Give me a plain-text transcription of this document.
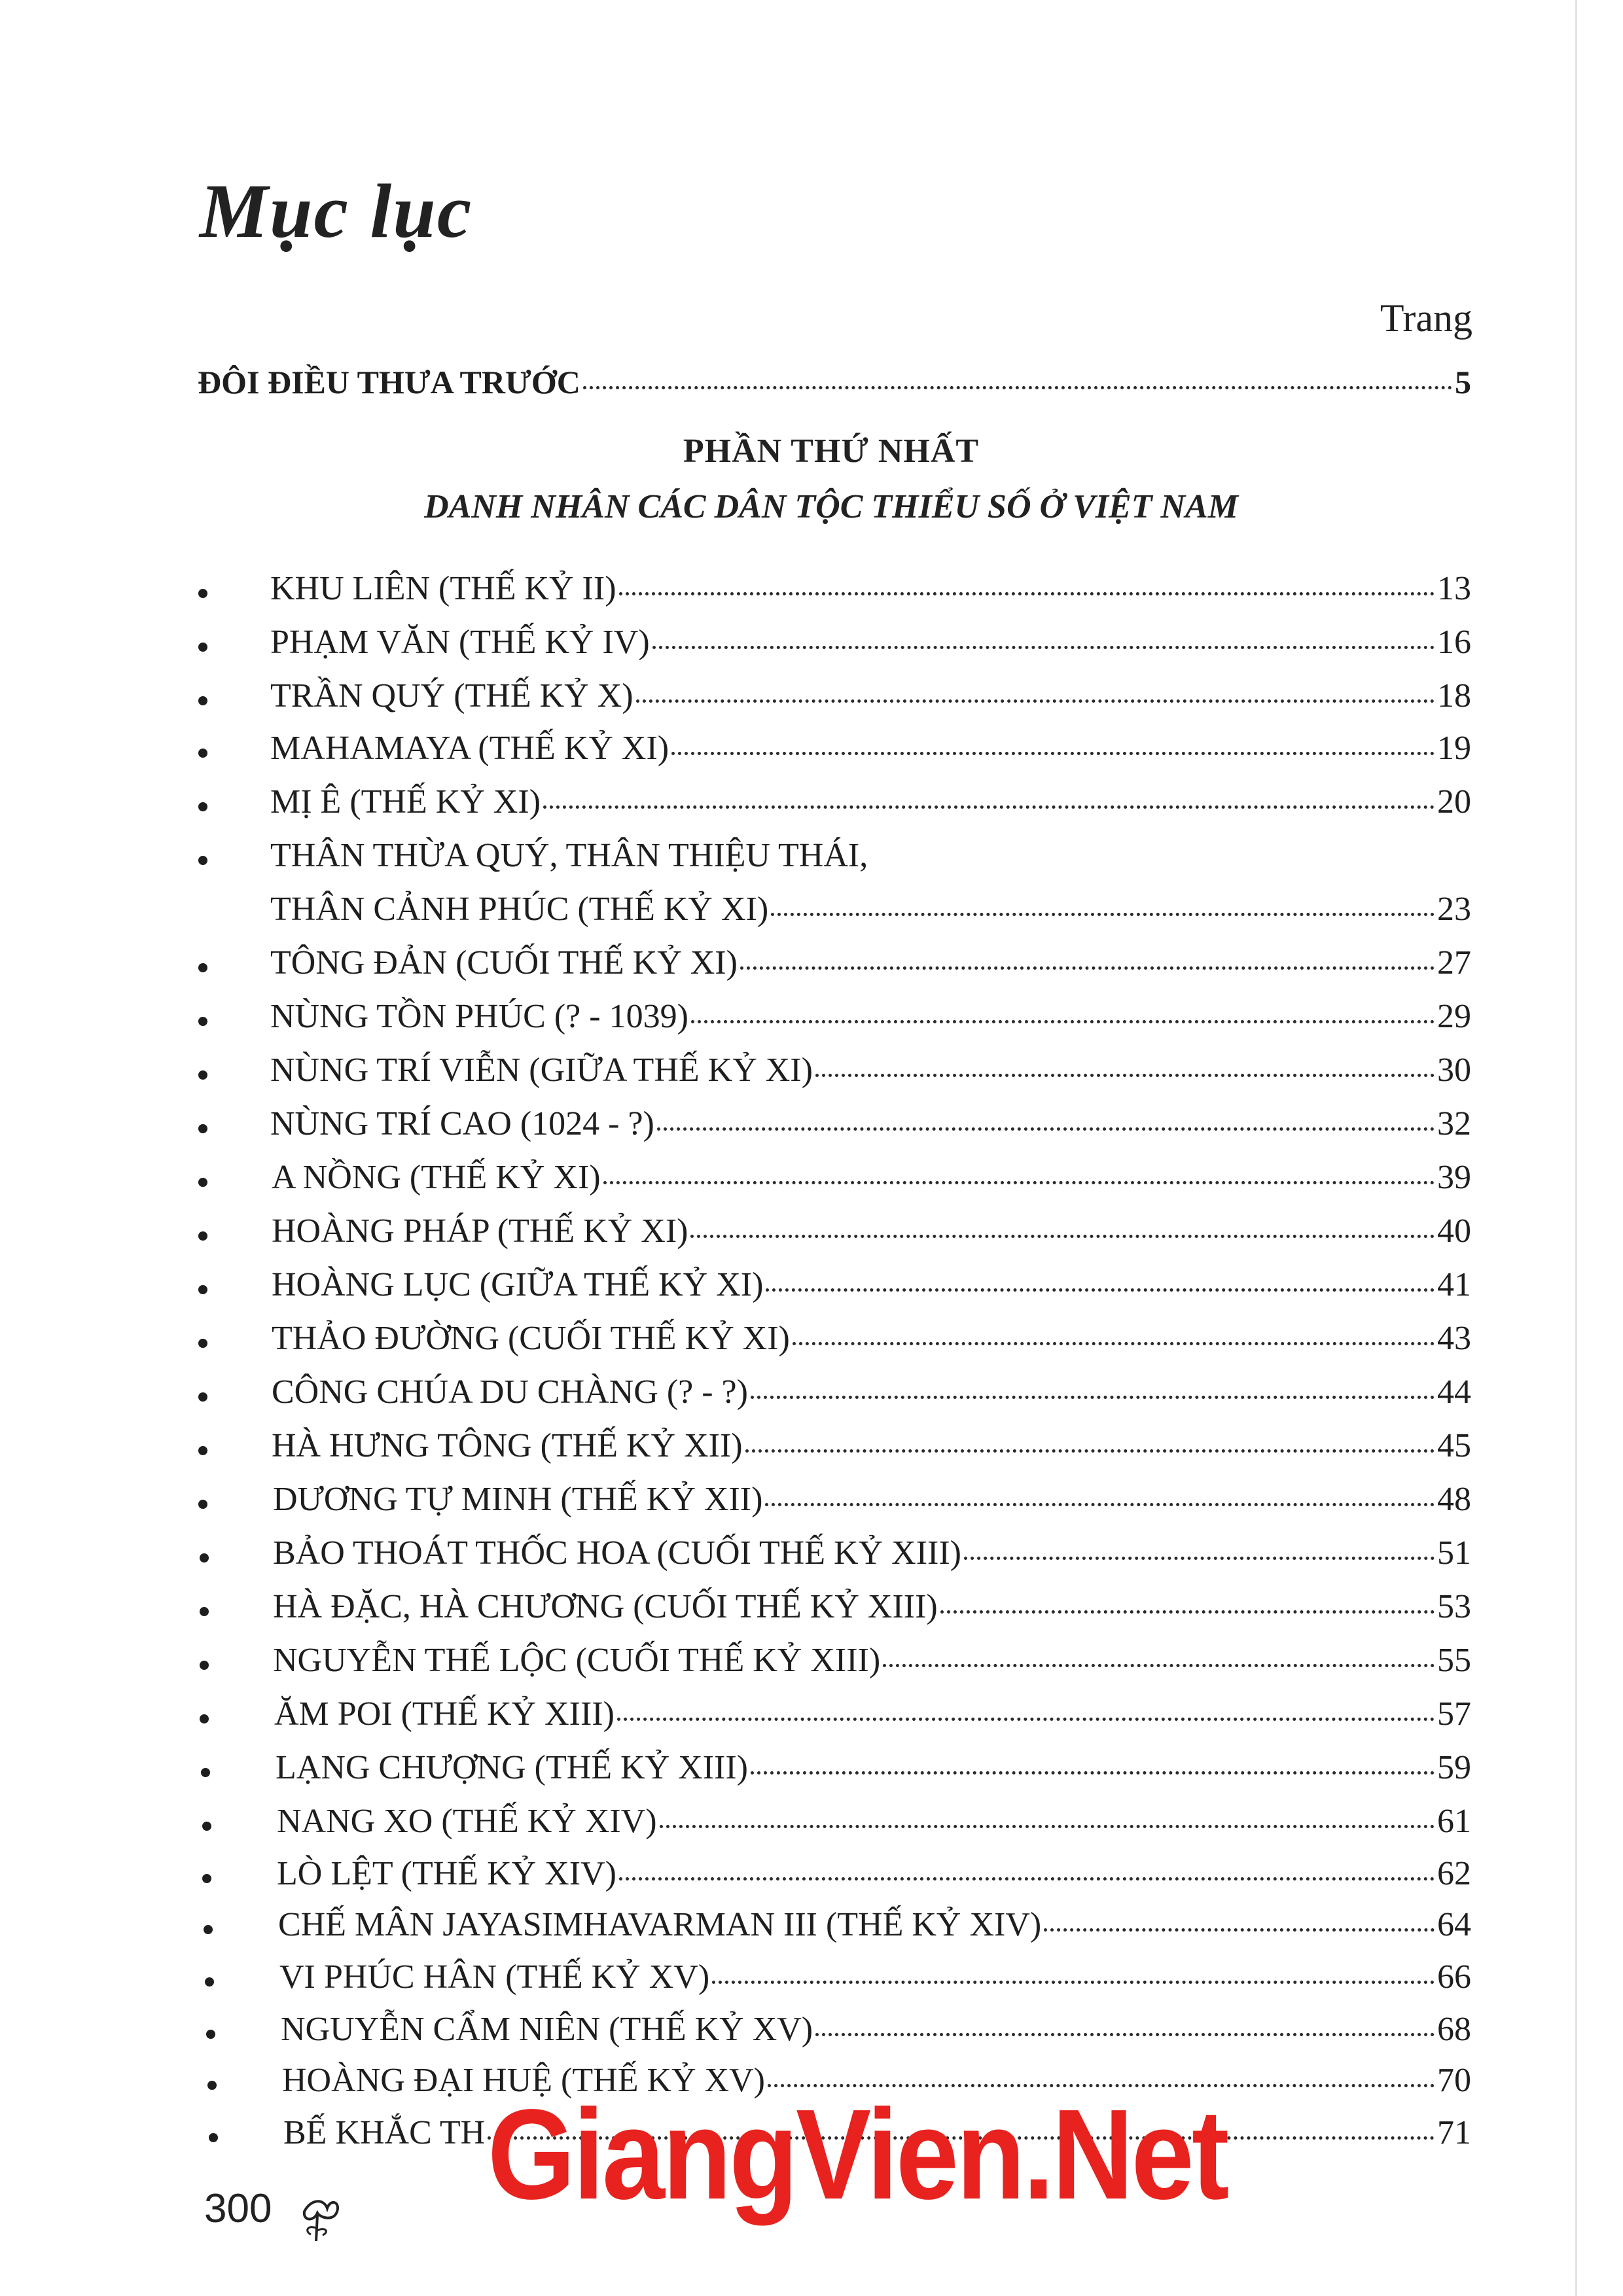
Mục lục
Trang
ĐÔI ĐIỀU THƯA TRƯỚC	5
PHẦN THỨ NHẤT
DANH NHÂN CÁC DÂN TỘC THIỂU SỐ Ở VIỆT NAM
KHU LIÊN (THẾ KỶ II)	13
PHẠM VĂN (THẾ KỶ IV)	16
TRẦN QUÝ (THẾ KỶ X)	18
MAHAMAYA (THẾ KỶ XI)	19
MỊ Ê (THẾ KỶ XI)	20
THÂN THỪA QUÝ, THÂN THIỆU THÁI,
THÂN CẢNH PHÚC (THẾ KỶ XI)	23
TÔNG ĐẢN (CUỐI THẾ KỶ XI)	27
NÙNG TỒN PHÚC (? - 1039)	29
NÙNG TRÍ VIỄN (GIỮA THẾ KỶ XI)	30
NÙNG TRÍ CAO (1024 - ?)	32
A NỒNG (THẾ KỶ XI)	39
HOÀNG PHÁP (THẾ KỶ XI)	40
HOÀNG LỤC (GIỮA THẾ KỶ XI)	41
THẢO ĐƯỜNG (CUỐI THẾ KỶ XI)	43
CÔNG CHÚA DU CHÀNG (? - ?)	44
HÀ HƯNG TÔNG (THẾ KỶ XII)	45
DƯƠNG TỰ MINH (THẾ KỶ XII)	48
BẢO THOÁT THỐC HOA (CUỐI THẾ KỶ XIII)	51
HÀ ĐẶC, HÀ CHƯƠNG (CUỐI THẾ KỶ XIII)	53
NGUYỄN THẾ LỘC (CUỐI THẾ KỶ XIII)	55
ĂM POI (THẾ KỶ XIII)	57
LẠNG CHƯỢNG (THẾ KỶ XIII)	59
NANG XO (THẾ KỶ XIV)	61
LÒ LỆT (THẾ KỶ XIV)	62
CHẾ MÂN JAYASIMHAVARMAN III (THẾ KỶ XIV)	64
VI PHÚC HÂN (THẾ KỶ XV)	66
NGUYỄN CẨM NIÊN (THẾ KỶ XV)	68
HOÀNG ĐẠI HUỆ (THẾ KỶ XV)	70
BẾ KHẮC TH	71
300 GiangVien.Net
